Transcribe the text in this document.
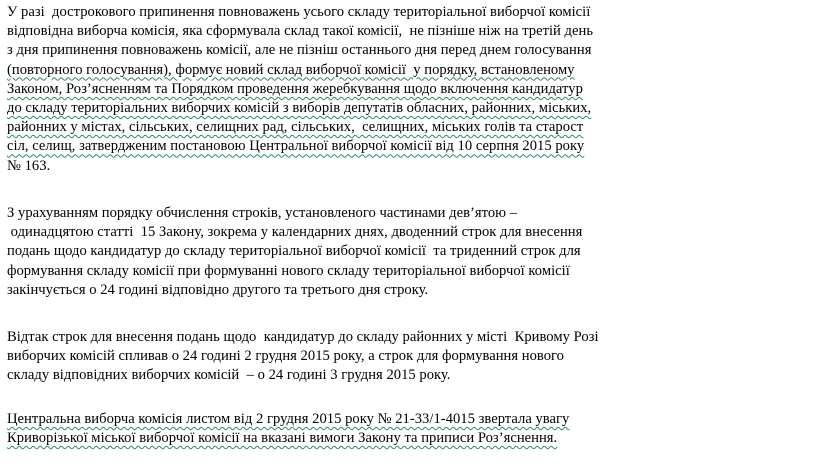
У разі  дострокового припинення повноважень усього складу територіальної виборчої комісії
відповідна виборча комісія, яка сформувала склад такої комісії,  не пізніше ніж на третій день
з дня припинення повноважень комісії, але не пізніш останнього дня перед днем голосування
(повторного голосування), формує новий склад виборчої комісії  у порядку, встановленому
Законом, Роз’ясненням та Порядком проведення жеребкування щодо включення кандидатур
до складу територіальних виборчих комісій з виборів депутатів обласних, районних, міських,
районних у містах, сільських, селищних рад, сільських,  селищних, міських голів та старост
сіл, селищ, затвердженим постановою Центральної виборчої комісії від 10 серпня 2015 року
№ 163.
З урахуванням порядку обчислення строків, установленого частинами дев’ятою –
одинадцятою статті  15 Закону, зокрема у календарних днях, дводенний строк для внесення
подань щодо кандидатур до складу територіальної виборчої комісії  та триденний строк для
формування складу комісії при формуванні нового складу територіальної виборчої комісії
закінчується о 24 годині відповідно другого та третього дня строку.
Відтак строк для внесення подань щодо  кандидатур до складу районних у місті  Кривому Розі
виборчих комісій спливав о 24 годині 2 грудня 2015 року, а строк для формування нового
складу відповідних виборчих комісій  – о 24 годині 3 грудня 2015 року.
Центральна виборча комісія листом від 2 грудня 2015 року № 21-33/1-4015 звертала увагу
Криворізької міської виборчої комісії на вказані вимоги Закону та приписи Роз’яснення.
